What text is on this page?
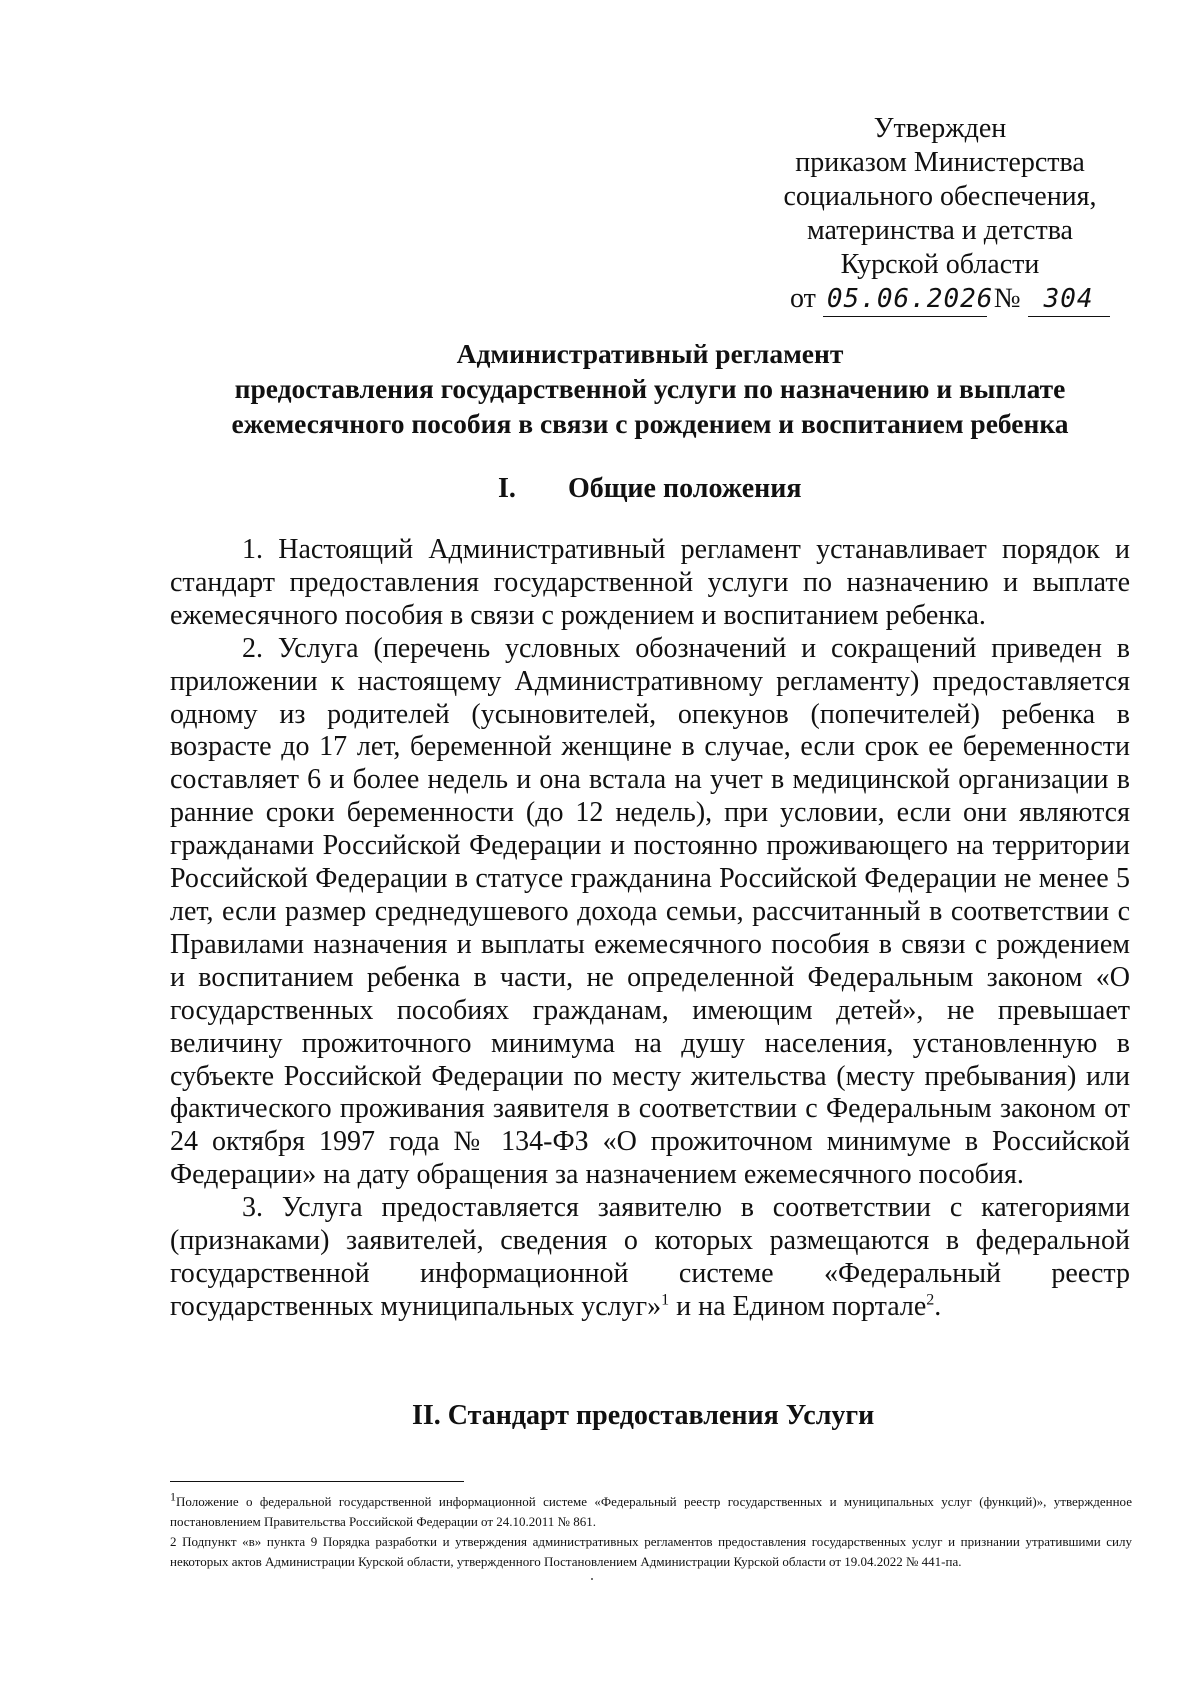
Утвержден
приказом Министерства
социального обеспечения,
материнства и детства
Курской области
от 05.06.2026 № 304
Административный регламент
предоставления государственной услуги по назначению и выплате
ежемесячного пособия в связи с рождением и воспитанием ребенка
I. Общие положения

1. Настоящий Административный регламент устанавливает порядок и стандарт предоставления государственной услуги по назначению и выплате ежемесячного пособия в связи с рождением и воспитанием ребенка.

2. Услуга (перечень условных обозначений и сокращений приведен в приложении к настоящему Административному регламенту) предоставляется одному из родителей (усыновителей, опекунов (попечителей) ребенка в возрасте до 17 лет, беременной женщине в случае, если срок ее беременности составляет 6 и более недель и она встала на учет в медицинской организации в ранние сроки беременности (до 12 недель), при условии, если они являются гражданами Российской Федерации и постоянно проживающего на территории Российской Федерации в статусе гражданина Российской Федерации не менее 5 лет, если размер среднедушевого дохода семьи, рассчитанный в соответствии с Правилами назначения и выплаты ежемесячного пособия в связи с рождением и воспитанием ребенка в части, не определенной Федеральным законом «О государственных пособиях гражданам, имеющим детей», не превышает величину прожиточного минимума на душу населения, установленную в субъекте Российской Федерации по месту жительства (месту пребывания) или фактического проживания заявителя в соответствии с Федеральным законом от 24 октября 1997 года № 134-ФЗ «О прожиточном минимуме в Российской Федерации» на дату обращения за назначением ежемесячного пособия.

3. Услуга предоставляется заявителю в соответствии с категориями (признаками) заявителей, сведения о которых размещаются в федеральной государственной информационной системе «Федеральный реестр государственных муниципальных услуг»$^1$ и на Едином портале$^2$.

II. Стандарт предоставления Услуги

1Положение о федеральной государственной информационной системе «Федеральный реестр государственных и муниципальных услуг (функций)», утвержденное постановлением Правительства Российской Федерации от 24.10.2011 № 861.

2 Подпункт «в» пункта 9 Порядка разработки и утверждения административных регламентов предоставления государственных услуг и признании утратившими силу некоторых актов Администрации Курской области, утвержденного Постановлением Администрации Курской области от 19.04.2022 № 441-па.
